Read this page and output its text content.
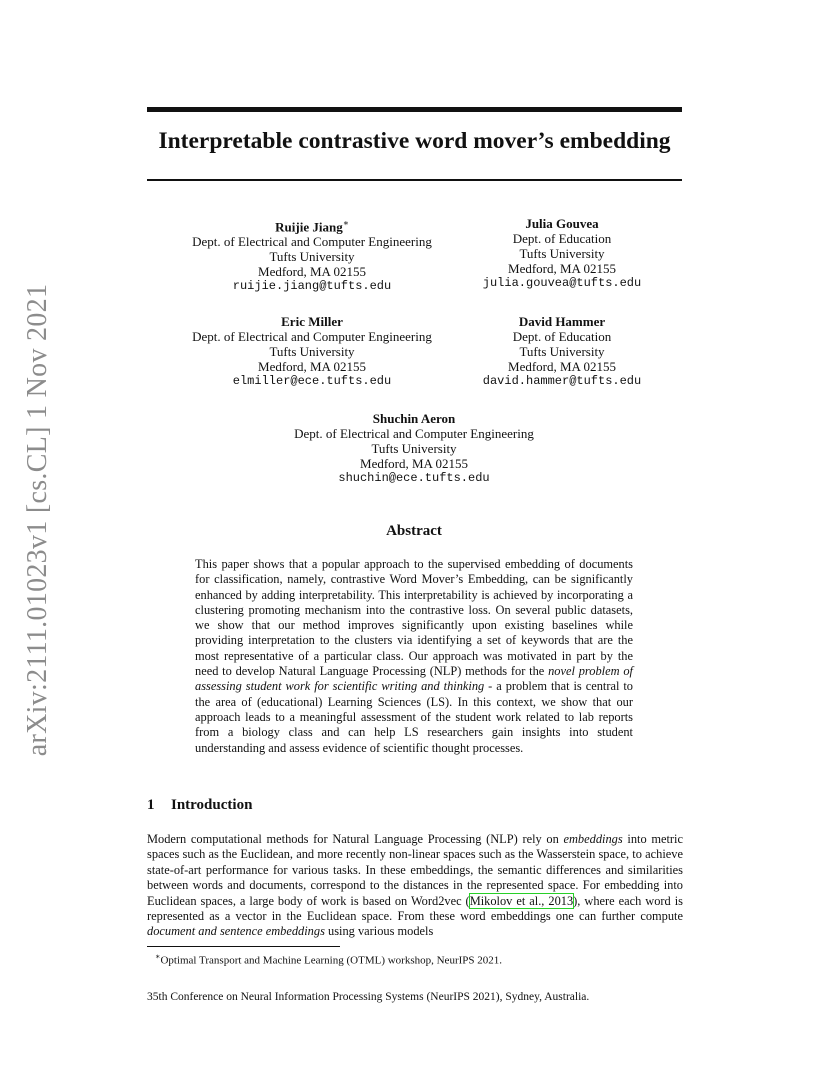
arXiv:2111.01023v1 [cs.CL] 1 Nov 2021
Interpretable contrastive word mover’s embedding
Ruijie Jiang∗
Dept. of Electrical and Computer Engineering
Tufts University
Medford, MA 02155
ruijie.jiang@tufts.edu
Julia Gouvea
Dept. of Education
Tufts University
Medford, MA 02155
julia.gouvea@tufts.edu
Eric Miller
Dept. of Electrical and Computer Engineering
Tufts University
Medford, MA 02155
elmiller@ece.tufts.edu
David Hammer
Dept. of Education
Tufts University
Medford, MA 02155
david.hammer@tufts.edu
Shuchin Aeron
Dept. of Electrical and Computer Engineering
Tufts University
Medford, MA 02155
shuchin@ece.tufts.edu
Abstract

This paper shows that a popular approach to the supervised embedding of documents for classification, namely, contrastive Word Mover’s Embedding, can be significantly enhanced by adding interpretability. This interpretability is achieved by incorporating a clustering promoting mechanism into the contrastive loss. On several public datasets, we show that our method improves significantly upon existing baselines while providing interpretation to the clusters via identifying a set of keywords that are the most representative of a particular class. Our approach was motivated in part by the need to develop Natural Language Processing (NLP) methods for the novel problem of assessing student work for scientific writing and thinking - a problem that is central to the area of (educational) Learning Sciences (LS). In this context, we show that our approach leads to a meaningful assessment of the student work related to lab reports from a biology class and can help LS researchers gain insights into student understanding and assess evidence of scientific thought processes.

1 Introduction

Modern computational methods for Natural Language Processing (NLP) rely on embeddings into metric spaces such as the Euclidean, and more recently non-linear spaces such as the Wasserstein space, to achieve state-of-art performance for various tasks. In these embeddings, the semantic differences and similarities between words and documents, correspond to the distances in the represented space. For embedding into Euclidean spaces, a large body of work is based on Word2vec (Mikolov et al., 2013), where each word is represented as a vector in the Euclidean space. From these word embeddings one can further compute document and sentence embeddings using various models

∗Optimal Transport and Machine Learning (OTML) workshop, NeurIPS 2021.

35th Conference on Neural Information Processing Systems (NeurIPS 2021), Sydney, Australia.
